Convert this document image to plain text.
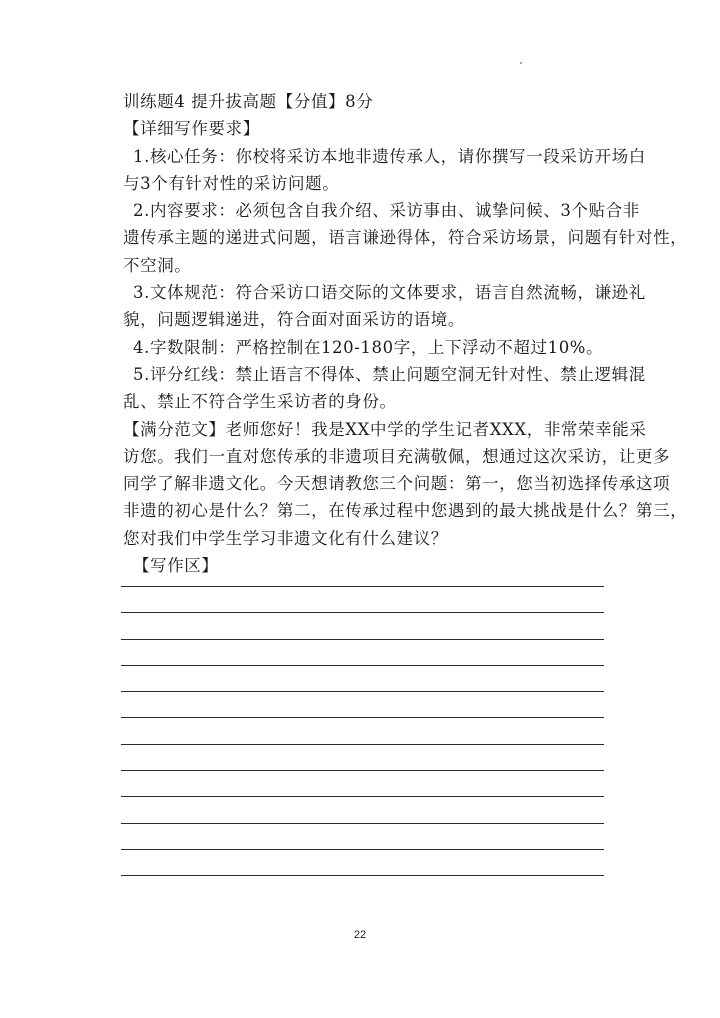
训练题4 提升拔高题【分值】8分
【详细写作要求】
1.核心任务：你校将采访本地非遗传承人，请你撰写一段采访开场白
与3个有针对性的采访问题。
2.内容要求：必须包含自我介绍、采访事由、诚挚问候、3个贴合非
遗传承主题的递进式问题，语言谦逊得体，符合采访场景，问题有针对性，
不空洞。
3.文体规范：符合采访口语交际的文体要求，语言自然流畅，谦逊礼
貌，问题逻辑递进，符合面对面采访的语境。
4.字数限制：严格控制在120-180字，上下浮动不超过10%。
5.评分红线：禁止语言不得体、禁止问题空洞无针对性、禁止逻辑混
乱、禁止不符合学生采访者的身份。
【满分范文】老师您好！我是XX中学的学生记者XXX，非常荣幸能采
访您。我们一直对您传承的非遗项目充满敬佩，想通过这次采访，让更多
同学了解非遗文化。今天想请教您三个问题：第一，您当初选择传承这项
非遗的初心是什么？第二，在传承过程中您遇到的最大挑战是什么？第三，
您对我们中学生学习非遗文化有什么建议？
【写作区】
22
